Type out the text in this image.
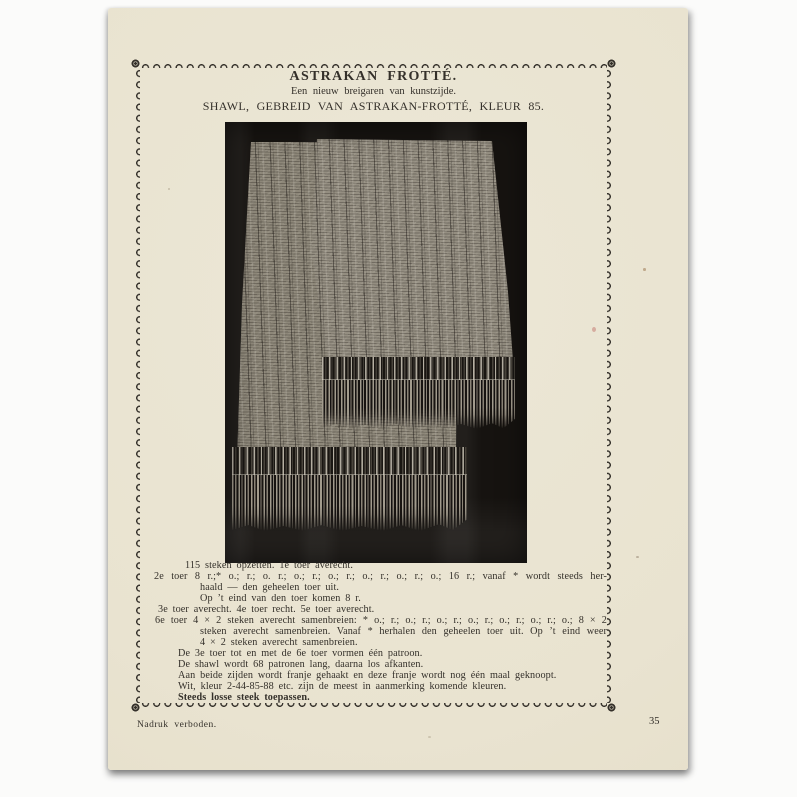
ASTRAKAN FROTTÉ.
Een nieuw breigaren van kunstzijde.
SHAWL, GEBREID VAN ASTRAKAN-FROTTÉ, KLEUR 85.
115 steken opzetten. 1e toer averecht.
2e toer 8 r.;* o.; r.; o. r.; o.; r.; o.; r.; o.; r.; o.; r.; o.; 16 r.; vanaf * wordt steeds her-
haald — den geheelen toer uit.
Op ’t eind van den toer komen 8 r.
3e toer averecht. 4e toer recht. 5e toer averecht.
6e toer 4 × 2 steken averecht samenbreien: * o.; r.; o.; r.; o.; r.; o.; r.; o.; r.; o.; r.; o.; 8 × 2
steken averecht samenbreien. Vanaf * herhalen den geheelen toer uit. Op ’t eind weer
4 × 2 steken averecht samenbreien.
De 3e toer tot en met de 6e toer vormen één patroon.
De shawl wordt 68 patronen lang, daarna los afkanten.
Aan beide zijden wordt franje gehaakt en deze franje wordt nog één maal geknoopt.
Wit, kleur 2-44-85-88 etc. zijn de meest in aanmerking komende kleuren.
Steeds losse steek toepassen.
Nadruk verboden.	35
